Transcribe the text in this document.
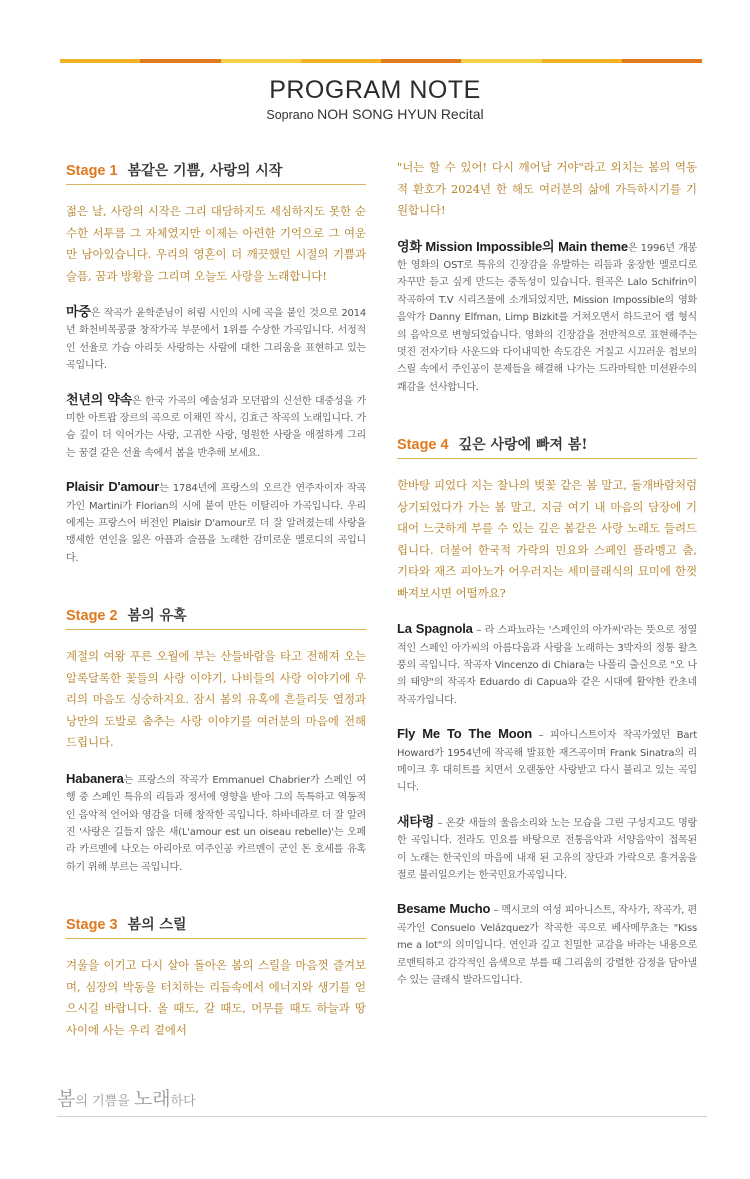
PROGRAM NOTE
Soprano NOH SONG HYUN Recital
Stage 1 봄같은 기쁨, 사랑의 시작

젊은 날, 사랑의 시작은 그리 대담하지도 세심하지도 못한 순수한 서투름 그 자체였지만 이제는 아련한 기억으로 그 여운만 남아있습니다. 우리의 영혼이 더 깨끗했던 시절의 기쁨과 슬픔, 꿈과 방황을 그리며 오늘도 사랑을 노래합니다!

마중은 작곡가 윤학준님이 허림 시인의 시에 곡을 붙인 것으로 2014년 화천비목콩쿨 창작가곡 부문에서 1위를 수상한 가곡입니다. 서정적인 선율로 가슴 아리듯 사랑하는 사람에 대한 그리움을 표현하고 있는 곡입니다.

천년의 약속은 한국 가곡의 예술성과 모던팝의 신선한 대중성을 가미한 아트팝 장르의 곡으로 이채민 작시, 김효근 작곡의 노래입니다. 가슴 깊이 더 익어가는 사랑, 고귀한 사랑, 영원한 사랑을 애절하게 그리는 꿈결 같은 선율 속에서 봄을 반추해 보세요.

Plaisir D'amour는 1784년에 프랑스의 오르간 연주자이자 작곡가인 Martini가 Florian의 시에 붙여 만든 이탈리아 가곡입니다. 우리에게는 프랑스어 버전인 Plaisir D'amour로 더 잘 알려졌는데 사랑을 맹세한 연인을 잃은 아픔과 슬픔을 노래한 감미로운 멜로디의 곡입니다.

Stage 2 봄의 유혹

계절의 여왕 푸른 오월에 부는 산들바람을 타고 전해져 오는 알록달록한 꽃들의 사랑 이야기, 나비들의 사랑 이야기에 우리의 마음도 싱숭하지요. 잠시 봄의 유혹에 흔들리듯 열정과 낭만의 도발로 춤추는 사랑 이야기를 여러분의 마음에 전해드립니다.

Habanera는 프랑스의 작곡가 Emmanuel Chabrier가 스페인 여행 중 스페인 특유의 리듬과 정서에 영향을 받아 그의 독특하고 역동적인 음악적 언어와 영감을 더해 창작한 곡입니다. 하바네라로 더 잘 알려진 '사랑은 길들지 않은 새(L'amour est un oiseau rebelle)'는 오페라 카르멘에 나오는 아리아로 여주인공 카르멘이 군인 돈 호세를 유혹하기 위해 부르는 곡입니다.

Stage 3 봄의 스릴

겨울을 이기고 다시 살아 돌아온 봄의 스릴을 마음껏 즐겨보며, 심장의 박동을 터치하는 리듬속에서 에너지와 생기를 얻으시길 바랍니다. 올 때도, 갈 때도, 머무를 때도 하늘과 땅 사이에 사는 우리 곁에서

"너는 할 수 있어! 다시 깨어날 거야"라고 외치는 봄의 역동적 환호가 2024년 한 해도 여러분의 삶에 가득하시기를 기원합니다!

영화 Mission Impossible의 Main theme은 1996년 개봉한 영화의 OST로 특유의 긴장감을 유발하는 리듬과 웅장한 멜로디로 자꾸만 듣고 싶게 만드는 중독성이 있습니다. 원곡은 Lalo Schifrin이 작곡하여 T.V 시리즈물에 소개되었지만, Mission Impossible의 영화음악가 Danny Elfman, Limp Bizkit를 거쳐오면서 하드코어 랩 형식의 음악으로 변형되었습니다. 영화의 긴장감을 전반적으로 표현해주는 멋진 전자기타 사운드와 다이내믹한 속도감은 거칠고 시끄러운 첩보의 스릴 속에서 주인공이 문제들을 해결해 나가는 드라마틱한 미션완수의 쾌감을 선사합니다.

Stage 4 깊은 사랑에 빠져 봄!

한바탕 피었다 지는 찰나의 벚꽃 같은 봄 말고, 돌개바람처럼 상기되었다가 가는 봄 말고, 지금 여기 내 마음의 담장에 기대어 느긋하게 부를 수 있는 깊은 봄같은 사랑 노래도 들려드립니다. 더불어 한국적 가락의 민요와 스페인 플라멩고 춤, 기타와 재즈 피아노가 어우러지는 세미클래식의 묘미에 한껏 빠져보시면 어떨까요?

La Spagnola – 라 스파뇨라는 '스페인의 아가씨'라는 뜻으로 정열적인 스페인 아가씨의 아름다움과 사랑을 노래하는 3박자의 정통 왈츠풍의 곡입니다. 작곡자 Vincenzo di Chiara는 나폴리 출신으로 "오 나의 태양"의 작곡자 Eduardo di Capua와 같은 시대에 활약한 칸초네 작곡가입니다.

Fly Me To The Moon – 피아니스트이자 작곡가였던 Bart Howard가 1954년에 작곡해 발표한 재즈곡이며 Frank Sinatra의 리메이크 후 대히트를 치면서 오랜동안 사랑받고 다시 불리고 있는 곡입니다.

새타령 – 온갖 새들의 울음소리와 노는 모습을 그린 구성지고도 명랑한 곡입니다. 전라도 민요를 바탕으로 전통음악과 서양음악이 접목된 이 노래는 한국인의 마음에 내재 된 고유의 장단과 가락으로 흥겨움을 절로 불러일으키는 한국민요가곡입니다.

Besame Mucho – 멕시코의 여성 피아니스트, 작사가, 작곡가, 편곡가인 Consuelo Velázquez가 작곡한 곡으로 베사메무쵸는 "Kiss me a lot"의 의미입니다. 연인과 깊고 친밀한 교감을 바라는 내용으로 로맨틱하고 감각적인 음색으로 부를 때 그리움의 강렬한 감정을 담아낼 수 있는 클래식 발라드입니다.

봄의 기쁨을 노래하다
